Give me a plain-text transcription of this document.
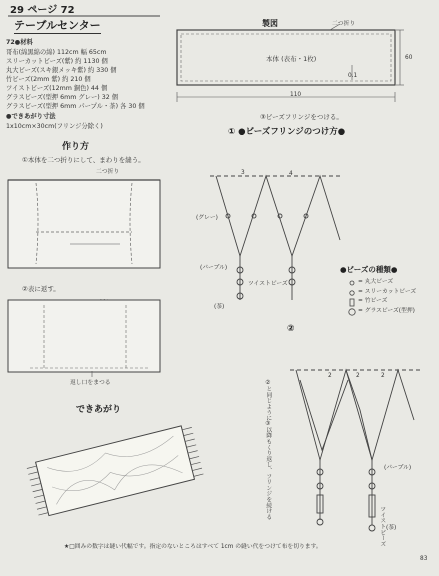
29 ページ 72
テーブルセンター
72●材料
哥布(綿黒綿の綿) 112cm 幅 65cm
スリーカットビーズ(紫) 約 1130 個
丸大ビーズ(スキ銀メッキ紫) 約 330 個
竹ビーズ(2mm 紫) 約 210 個
ツイストビーズ(12mm 銅色) 44 個
グラスビーズ(型押 6mm グレー) 32 個
グラスビーズ(型押 6mm パープル・茶) 各 30 個
●できあがり寸法
1x10cm×30cm(フリンジ分除く)
製図	二つ折り
本体 (表布・1枚)	60
110
0.1
作り方
①本体を二つ折りにして、まわりを縫う。
二つ折り
②表に返す。
返し口をまつる
できあがり
③ビーズフリンジをつける。
① ●ビーズフリンジのつけ方●
3	4
(グレー)
(パープル)
ツイストビーズ
(茶)
●ビーズの種類●
= 丸大ビーズ
= スリーカットビーズ
= 竹ビーズ
= グラスビーズ(型押)
②
2	2	2
(パープル)
ツイストビーズ (茶)
②と同じように③以降もくり返し、フリンジを続ける
★□囲みの数字は縫い代幅です。指定のないところはすべて 1cm の縫い代をつけて布を切ります。
83
